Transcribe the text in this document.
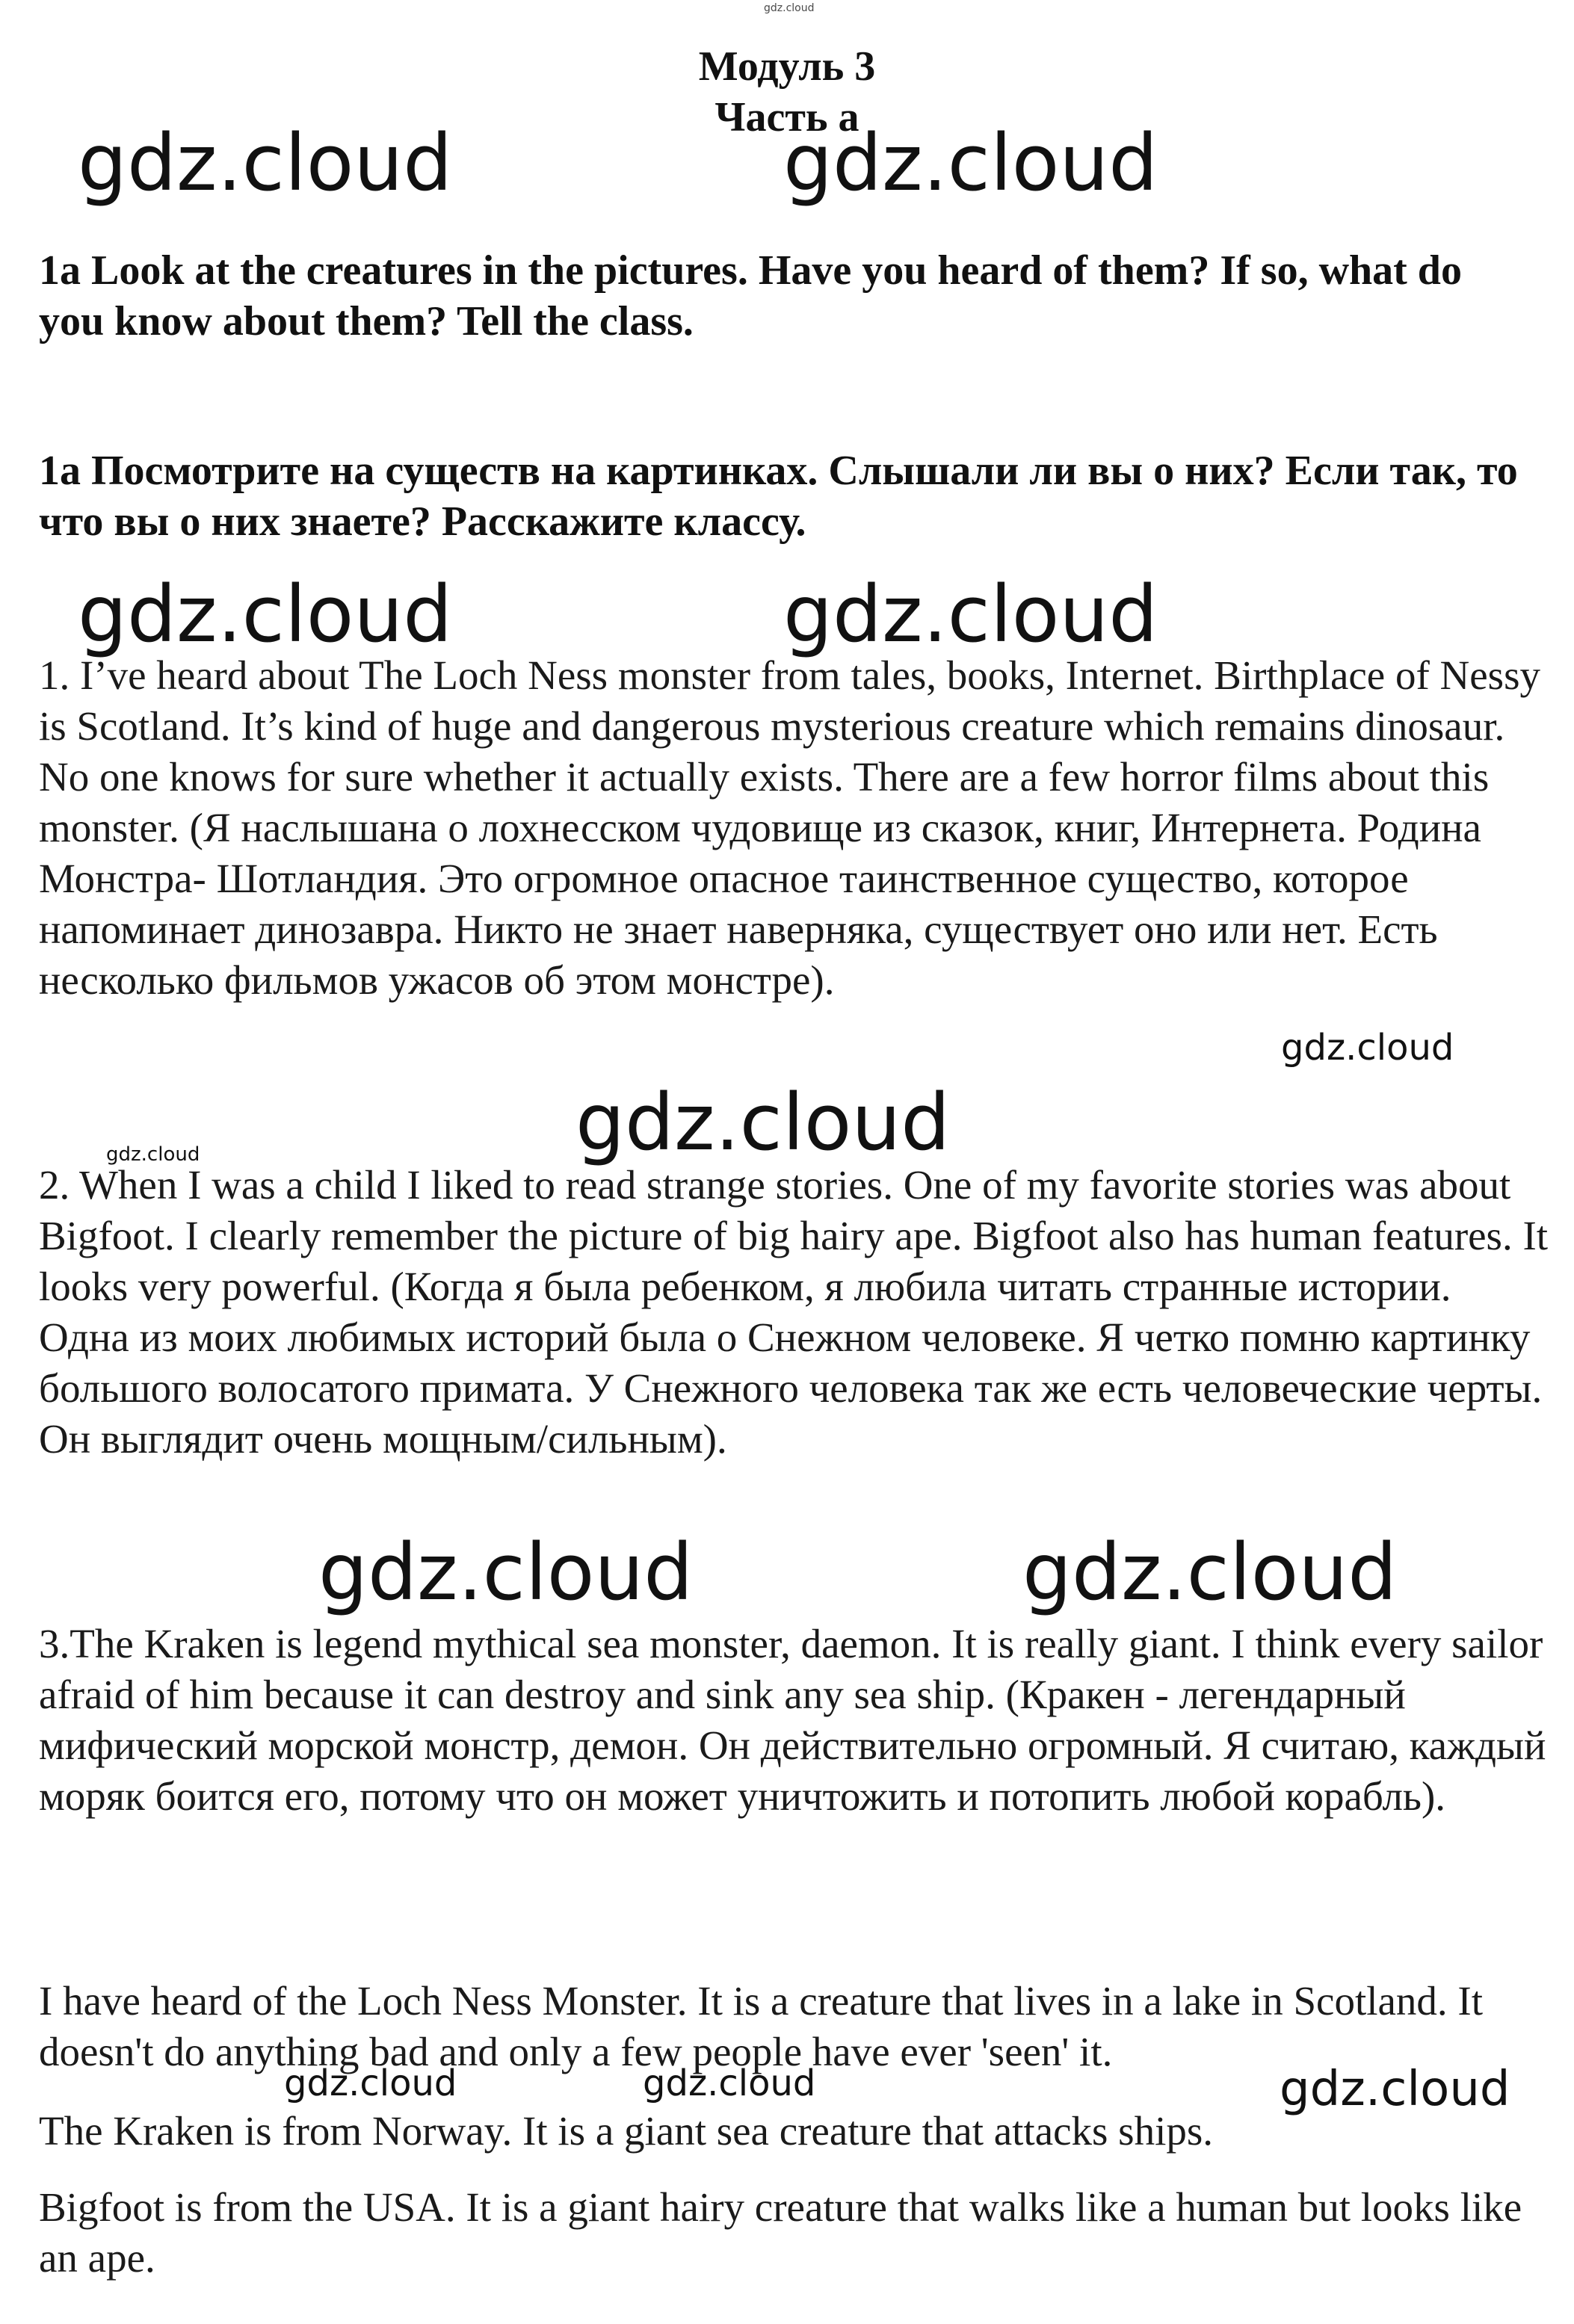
gdz.cloud
Модуль 3
Часть а
gdz.cloud	gdz.cloud
1a Look at the creatures in the pictures. Have you heard of them? If so, what do you know about them? Tell the class.
1a Посмотрите на существ на картинках. Слышали ли вы о них? Если так, то что вы о них знаете? Расскажите классу.
gdz.cloud	gdz.cloud
1. I’ve heard about The Loch Ness monster from tales, books, Internet. Birthplace of Nessy is Scotland. It’s kind of huge and dangerous mysterious creature which remains dinosaur. No one knows for sure whether it actually exists. There are a few horror films about this monster. (Я наслышана о лохнесском чудовище из сказок, книг, Интернета. Родина Монстра- Шотландия. Это огромное опасное таинственное существо, которое напоминает динозавра. Никто не знает наверняка, существует оно или нет. Есть несколько фильмов ужасов об этом монстре).
gdz.cloud
gdz.cloud
gdz.cloud
2. When I was a child I liked to read strange stories. One of my favorite stories was about Bigfoot. I clearly remember the picture of big hairy ape. Bigfoot also has human features. It looks very powerful. (Когда я была ребенком, я любила читать странные истории. Одна из моих любимых историй была о Снежном человеке. Я четко помню картинку большого волосатого примата. У Снежного человека так же есть человеческие черты. Он выглядит очень мощным/сильным).
gdz.cloud	gdz.cloud
3.The Kraken is legend mythical sea monster, daemon. It is really giant. I think every sailor afraid of him because it can destroy and sink any sea ship. (Кракен - легендарный мифический морской монстр, демон. Он действительно огромный. Я считаю, каждый моряк боится его, потому что он может уничтожить и потопить любой корабль).
I have heard of the Loch Ness Monster. It is a creature that lives in a lake in Scotland. It doesn't do anything bad and only a few people have ever 'seen' it.
gdz.cloud	gdz.cloud	gdz.cloud
The Kraken is from Norway. It is a giant sea creature that attacks ships.
Bigfoot is from the USA. It is a giant hairy creature that walks like a human but looks like an ape.
